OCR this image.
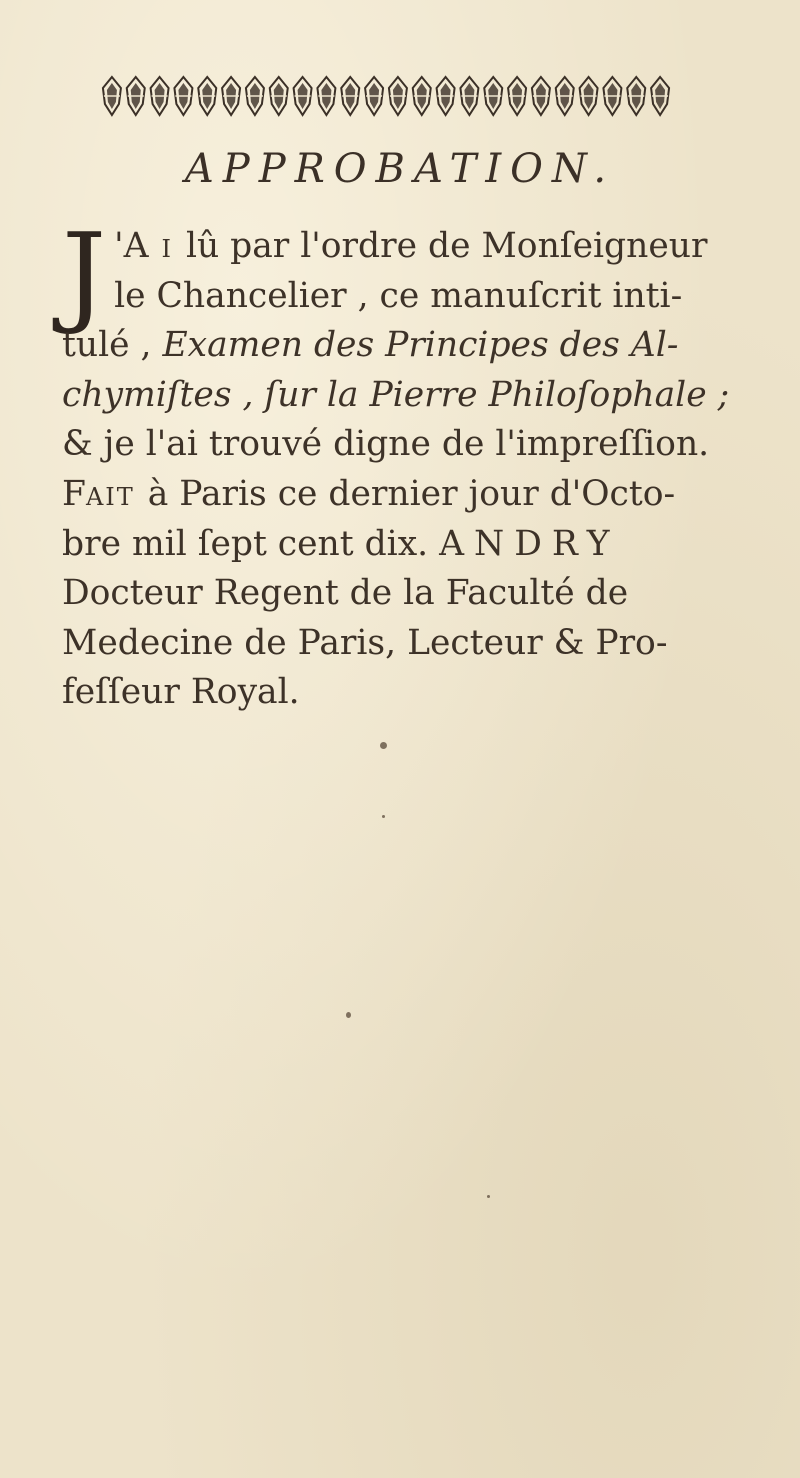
APPROBATION.
J 'A i lû par l'ordre de Monſeigneur
le Chancelier , ce manuſcrit inti-
tulé , Examen des Principes des Al-
chymiſtes , ſur la Pierre Philoſophale ;
& je l'ai trouvé digne de l'impreſſion.
Fait à Paris ce dernier jour d'Octo-
bre mil ſept cent dix. ANDRY
Docteur Regent de la Faculté de
Medecine de Paris, Lecteur & Pro-
feſſeur Royal.
